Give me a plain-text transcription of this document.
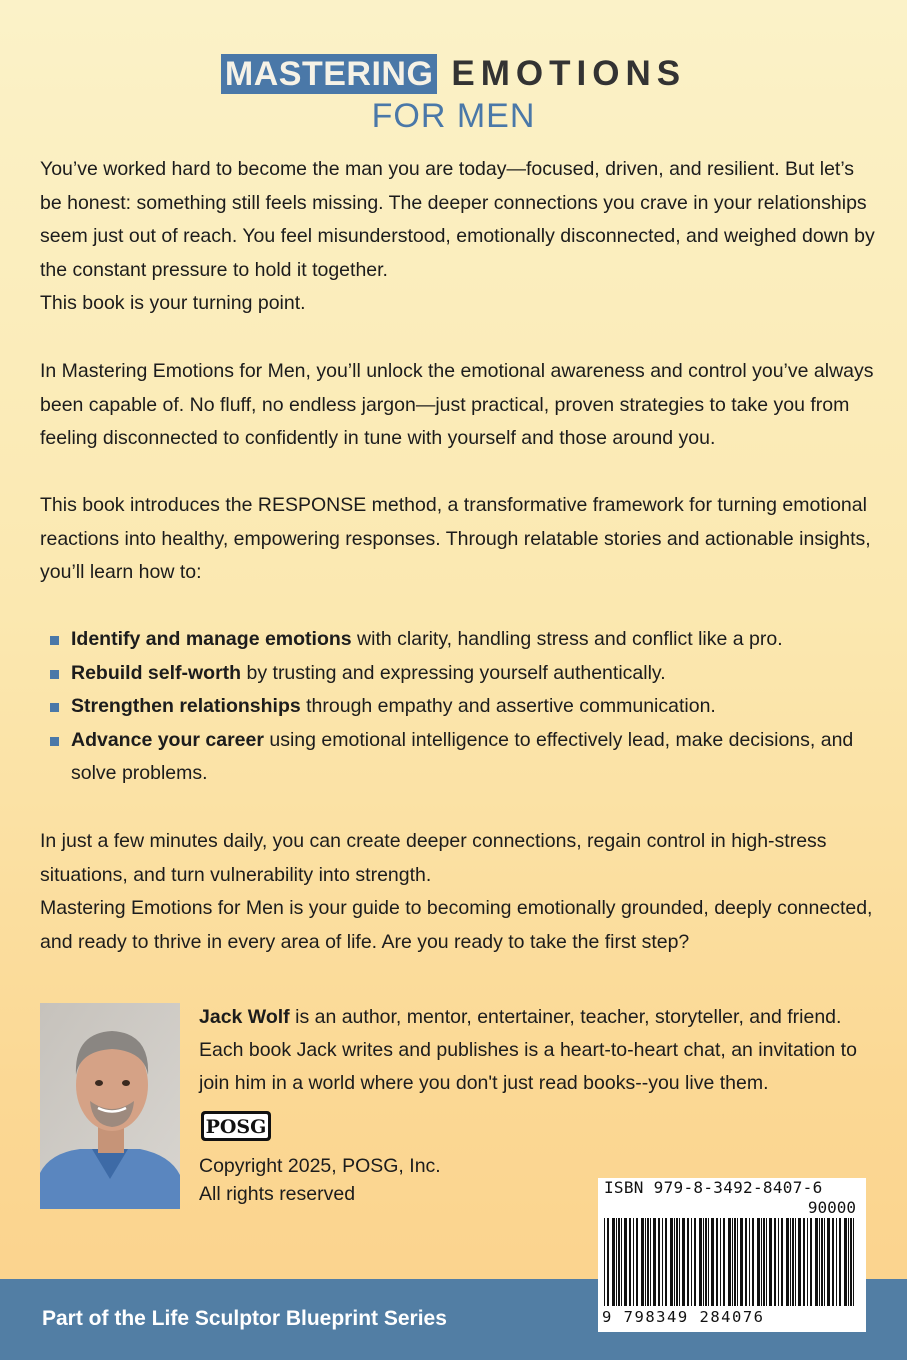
MASTERING EMOTIONS
FOR MEN

You’ve worked hard to become the man you are today—focused, driven, and resilient. But let’s be honest: something still feels missing. The deeper connections you crave in your relationships seem just out of reach. You feel misunderstood, emotionally disconnected, and weighed down by the constant pressure to hold it together.

This book is your turning point.

In Mastering Emotions for Men, you’ll unlock the emotional awareness and control you’ve always been capable of. No fluff, no endless jargon—just practical, proven strategies to take you from feeling disconnected to confidently in tune with yourself and those around you.
This book introduces the RESPONSE method, a transformative framework for turning emotional reactions into healthy, empowering responses. Through relatable stories and actionable insights, you’ll learn how to:
Identify and manage emotions with clarity, handling stress and conflict like a pro.
Rebuild self-worth by trusting and expressing yourself authentically.
Strengthen relationships through empathy and assertive communication.
Advance your career using emotional intelligence to effectively lead, make decisions, and solve problems.

In just a few minutes daily, you can create deeper connections, regain control in high-stress situations, and turn vulnerability into strength.

Mastering Emotions for Men is your guide to becoming emotionally grounded, deeply connected, and ready to thrive in every area of life. Are you ready to take the first step?

Jack Wolf is an author, mentor, entertainer, teacher, storyteller, and friend. Each book Jack writes and publishes is a heart-to-heart chat, an invitation to join him in a world where you don't just read books--you live them.
POSG
Copyright 2025, POSG, Inc.
All rights reserved
Part of the Life Sculptor Blueprint Series
ISBN 979-8-3492-8407-6
90000
9 798349 284076
